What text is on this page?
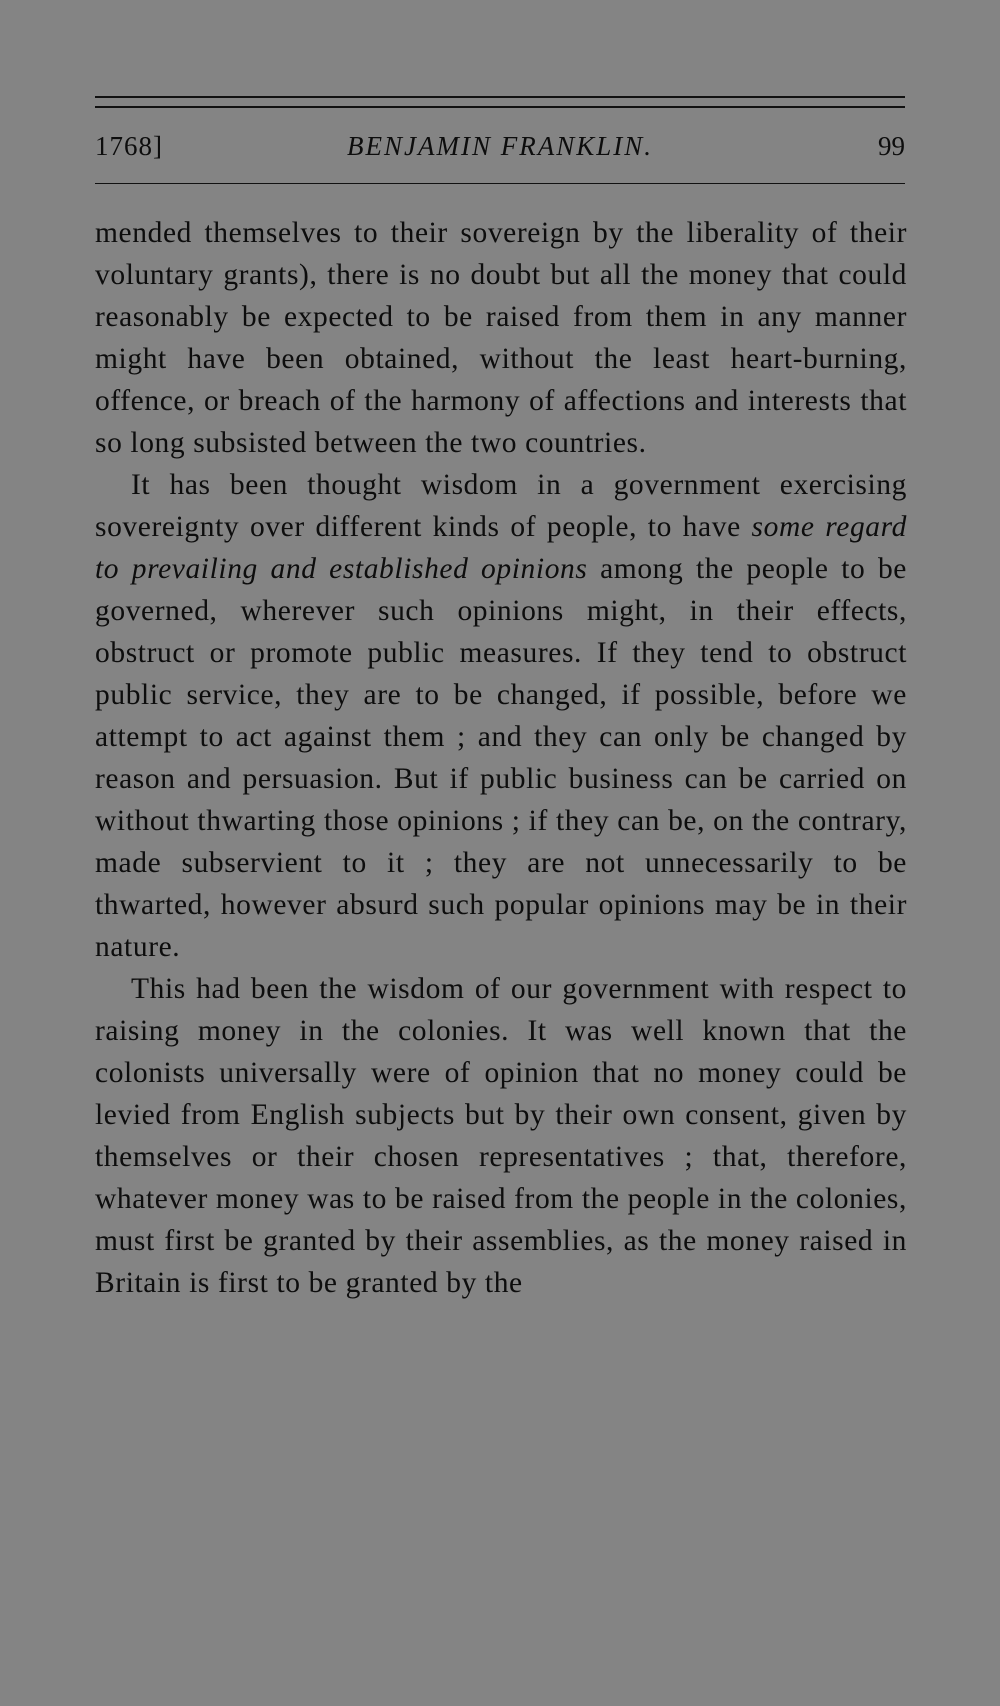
1768]	BENJAMIN FRANKLIN.	99

mended themselves to their sovereign by the liberality of their voluntary grants), there is no doubt but all the money that could reasonably be expected to be raised from them in any manner might have been obtained, without the least heart-burning, offence, or breach of the harmony of affections and interests that so long subsisted between the two countries.

It has been thought wisdom in a government exercising sovereignty over different kinds of people, to have some regard to prevailing and established opinions among the people to be governed, wherever such opinions might, in their effects, obstruct or promote public measures. If they tend to obstruct public service, they are to be changed, if possible, before we attempt to act against them ; and they can only be changed by reason and persuasion. But if public business can be carried on without thwarting those opinions ; if they can be, on the contrary, made subservient to it ; they are not unnecessarily to be thwarted, however absurd such popular opinions may be in their nature.

This had been the wisdom of our government with respect to raising money in the colonies. It was well known that the colonists universally were of opinion that no money could be levied from English subjects but by their own consent, given by themselves or their chosen representatives ; that, therefore, whatever money was to be raised from the people in the colonies, must first be granted by their assemblies, as the money raised in Britain is first to be granted by the
